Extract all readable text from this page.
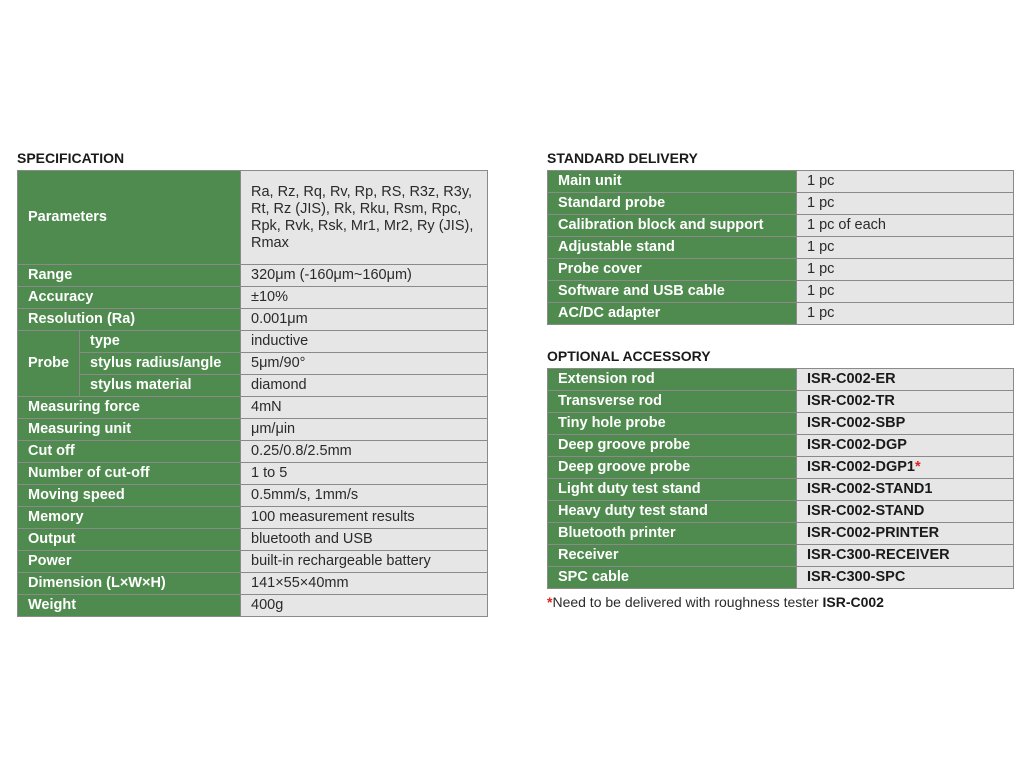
SPECIFICATION
Parameters		Ra, Rz, Rq, Rv, Rp, RS, R3z, R3y, Rt, Rz (JIS), Rk, Rku, Rsm, Rpc, Rpk, Rvk, Rsk, Mr1, Mr2, Ry (JIS), Rmax
Range		320μm (-160μm~160μm)
Accuracy		±10%
Resolution (Ra)		0.001μm
Probe	type	inductive
	stylus radius/angle	5μm/90°
	stylus material	diamond
Measuring force		4mN
Measuring unit		μm/μin
Cut off		0.25/0.8/2.5mm
Number of cut-off		1 to 5
Moving speed		0.5mm/s, 1mm/s
Memory		100 measurement results
Output		bluetooth and USB
Power		built-in rechargeable battery
Dimension (L×W×H)		141×55×40mm
Weight		400g
STANDARD DELIVERY
Main unit	1 pc
Standard probe	1 pc
Calibration block and support	1 pc of each
Adjustable stand	1 pc
Probe cover	1 pc
Software and USB cable	1 pc
AC/DC adapter	1 pc
OPTIONAL ACCESSORY
Extension rod	ISR-C002-ER
Transverse rod	ISR-C002-TR
Tiny hole probe	ISR-C002-SBP
Deep groove probe	ISR-C002-DGP
Deep groove probe	ISR-C002-DGP1*
Light duty test stand	ISR-C002-STAND1
Heavy duty test stand	ISR-C002-STAND
Bluetooth printer	ISR-C002-PRINTER
Receiver	ISR-C300-RECEIVER
SPC cable	ISR-C300-SPC

*Need to be delivered with roughness tester ISR-C002
